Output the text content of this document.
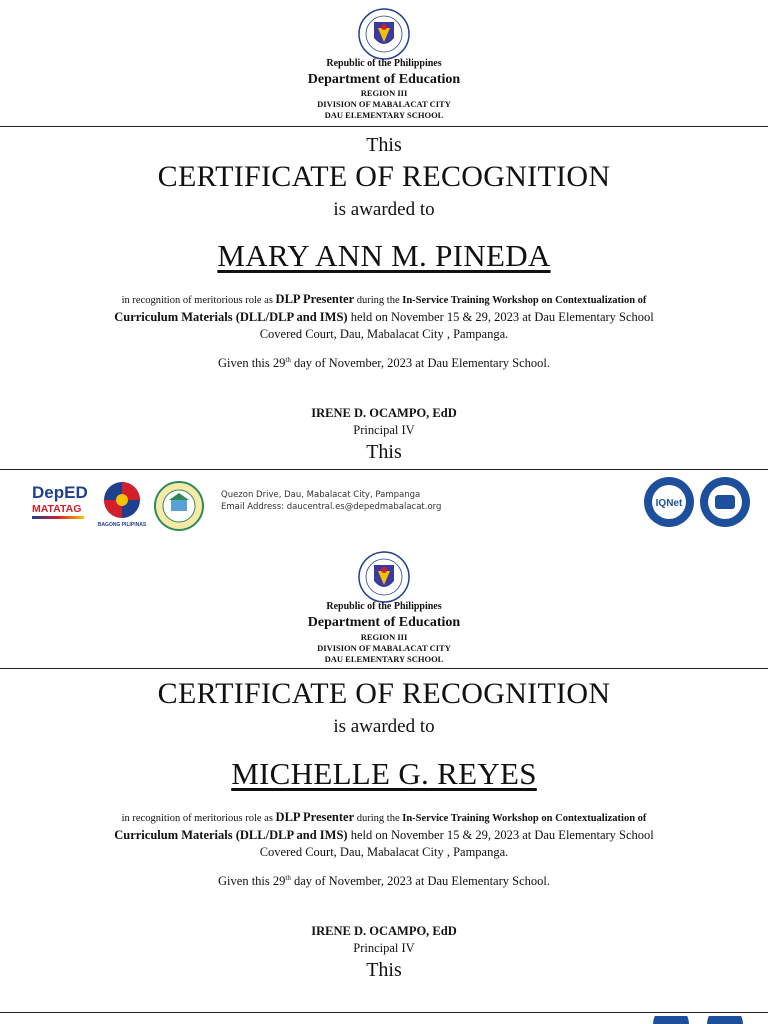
Republic of the Philippines
Department of Education
REGION III
DIVISION OF MABALACAT CITY
DAU ELEMENTARY SCHOOL
This
CERTIFICATE OF RECOGNITION
is awarded to
MARY ANN M. PINEDA
in recognition of meritorious role as DLP Presenter during the In-Service Training Workshop on Contextualization of
Curriculum Materials (DLL/DLP and IMS) held on November 15 & 29, 2023 at Dau Elementary School
Covered Court, Dau, Mabalacat City , Pampanga.
Given this 29th day of November, 2023 at Dau Elementary School.
IRENE D. OCAMPO, EdD
Principal IV
This
DepED
MATATAG
BAGONG PILIPINAS
Quezon Drive, Dau, Mabalacat City, Pampanga
Email Address: daucentral.es@depedmabalacat.org	IQNet
Republic of the Philippines
Department of Education
REGION III
DIVISION OF MABALACAT CITY
DAU ELEMENTARY SCHOOL
CERTIFICATE OF RECOGNITION
is awarded to
MICHELLE G. REYES
in recognition of meritorious role as DLP Presenter during the In-Service Training Workshop on Contextualization of
Curriculum Materials (DLL/DLP and IMS) held on November 15 & 29, 2023 at Dau Elementary School
Covered Court, Dau, Mabalacat City , Pampanga.
Given this 29th day of November, 2023 at Dau Elementary School.
IRENE D. OCAMPO, EdD
Principal IV
This
